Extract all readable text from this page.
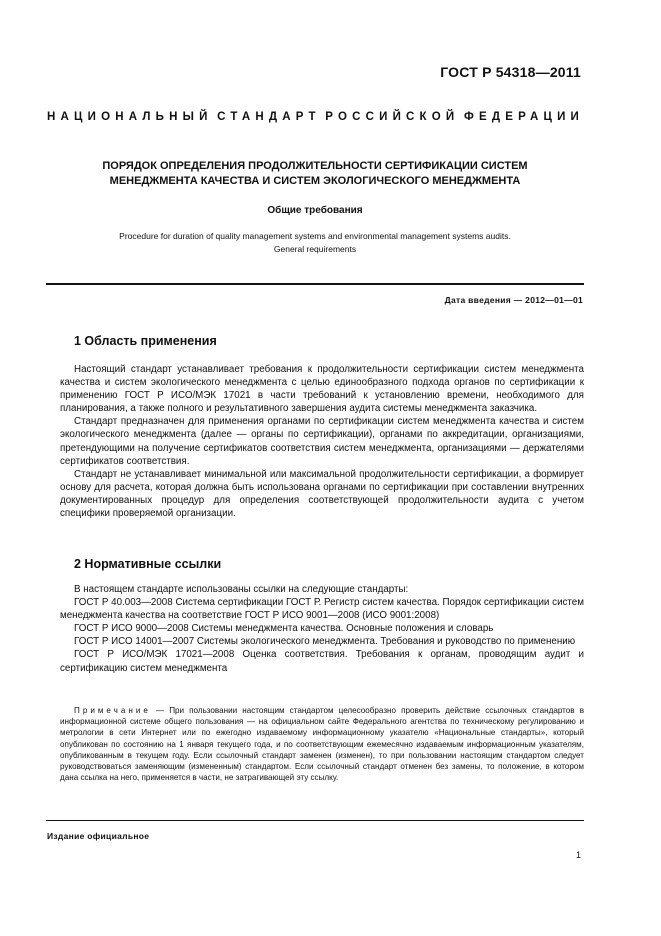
ГОСТ Р 54318—2011
НАЦИОНАЛЬНЫЙ СТАНДАРТ РОССИЙСКОЙ ФЕДЕРАЦИИ
ПОРЯДОК ОПРЕДЕЛЕНИЯ ПРОДОЛЖИТЕЛЬНОСТИ СЕРТИФИКАЦИИ СИСТЕМ
МЕНЕДЖМЕНТА КАЧЕСТВА И СИСТЕМ ЭКОЛОГИЧЕСКОГО МЕНЕДЖМЕНТА
Общие требования
Procedure for duration of quality management systems and environmental management systems audits.
General requirements
Дата введения — 2012—01—01
1 Область применения

Настоящий стандарт устанавливает требования к продолжительности сертификации систем менеджмента качества и систем экологического менеджмента с целью единообразного подхода органов по сертификации к применению ГОСТ Р ИСО/МЭК 17021 в части требований к установлению времени, необходимого для планирования, а также полного и результативного завершения аудита системы менеджмента заказчика.

Стандарт предназначен для применения органами по сертификации систем менеджмента качества и систем экологического менеджмента (далее — органы по сертификации), органами по аккредитации, организациями, претендующими на получение сертификатов соответствия систем менеджмента, организациями — держателями сертификатов соответствия.

Стандарт не устанавливает минимальной или максимальной продолжительности сертификации, а формирует основу для расчета, которая должна быть использована органами по сертификации при составлении внутренних документированных процедур для определения соответствующей продолжительности аудита с учетом специфики проверяемой организации.

2 Нормативные ссылки

В настоящем стандарте использованы ссылки на следующие стандарты:

ГОСТ Р 40.003—2008 Система сертификации ГОСТ Р. Регистр систем качества. Порядок сертификации систем менеджмента качества на соответствие ГОСТ Р ИСО 9001—2008 (ИСО 9001:2008)

ГОСТ Р ИСО 9000—2008 Системы менеджмента качества. Основные положения и словарь

ГОСТ Р ИСО 14001—2007 Системы экологического менеджмента. Требования и руководство по применению

ГОСТ Р ИСО/МЭК 17021—2008 Оценка соответствия. Требования к органам, проводящим аудит и сертификацию систем менеджмента

Примечание — При пользовании настоящим стандартом целесообразно проверить действие ссылочных стандартов в информационной системе общего пользования — на официальном сайте Федерального агентства по техническому регулированию и метрологии в сети Интернет или по ежегодно издаваемому информационному указателю «Национальные стандарты», который опубликован по состоянию на 1 января текущего года, и по соответствующим ежемесячно издаваемым информационным указателям, опубликованным в текущем году. Если ссылочный стандарт заменен (изменен), то при пользовании настоящим стандартом следует руководствоваться заменяющим (измененным) стандартом. Если ссылочный стандарт отменен без замены, то положение, в котором дана ссылка на него, применяется в части, не затрагивающей эту ссылку.

Издание официальное
1
